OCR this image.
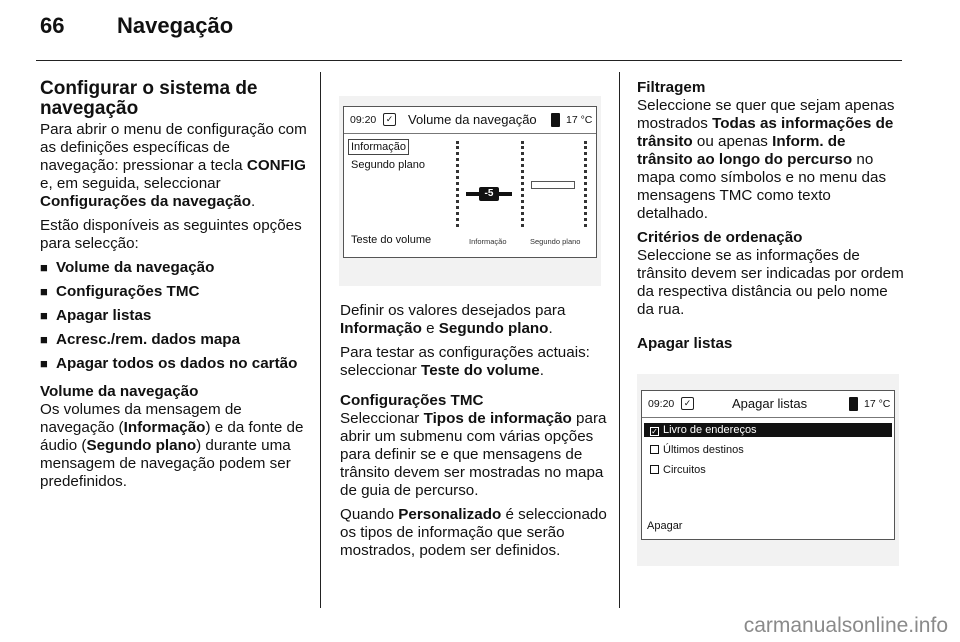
66 Navegação
Configurar o sistema de navegação

Para abrir o menu de configuração com as definições específicas de navegação: pressionar a tecla CONFIG e, em seguida, seleccionar Configurações da navegação.

Estão disponíveis as seguintes opções para selecção:

■ Volume da navegação
■ Configurações TMC
■ Apagar listas
■ Acresc./rem. dados mapa
■ Apagar todos os dados no cartão
Volume da navegação

Os volumes da mensagem de navegação (Informação) e da fonte de áudio (Segundo plano) durante uma mensagem de navegação podem ser predefinidos.

09:20	✓ Volume da navegação	17 °C
Informação
Segundo plano
Teste do volume
-5
Informação	Segundo plano

Definir os valores desejados para Informação e Segundo plano.

Para testar as configurações actuais: seleccionar Teste do volume.

Configurações TMC

Seleccionar Tipos de informação para abrir um submenu com várias opções para definir se e que mensagens de trânsito devem ser mostradas no mapa de guia de percurso.

Quando Personalizado é seleccionado os tipos de informação que serão mostrados, podem ser definidos.

Filtragem

Seleccione se quer que sejam apenas mostrados Todas as informações de trânsito ou apenas Inform. de trânsito ao longo do percurso no mapa como símbolos e no menu das mensagens TMC como texto detalhado.

Critérios de ordenação

Seleccione se as informações de trânsito devem ser indicadas por ordem da respectiva distância ou pelo nome da rua.

Apagar listas
09:20	✓	Apagar listas	17 °C
✓ Livro de endereços
Últimos destinos
Circuitos
Apagar
carmanualsonline.info
